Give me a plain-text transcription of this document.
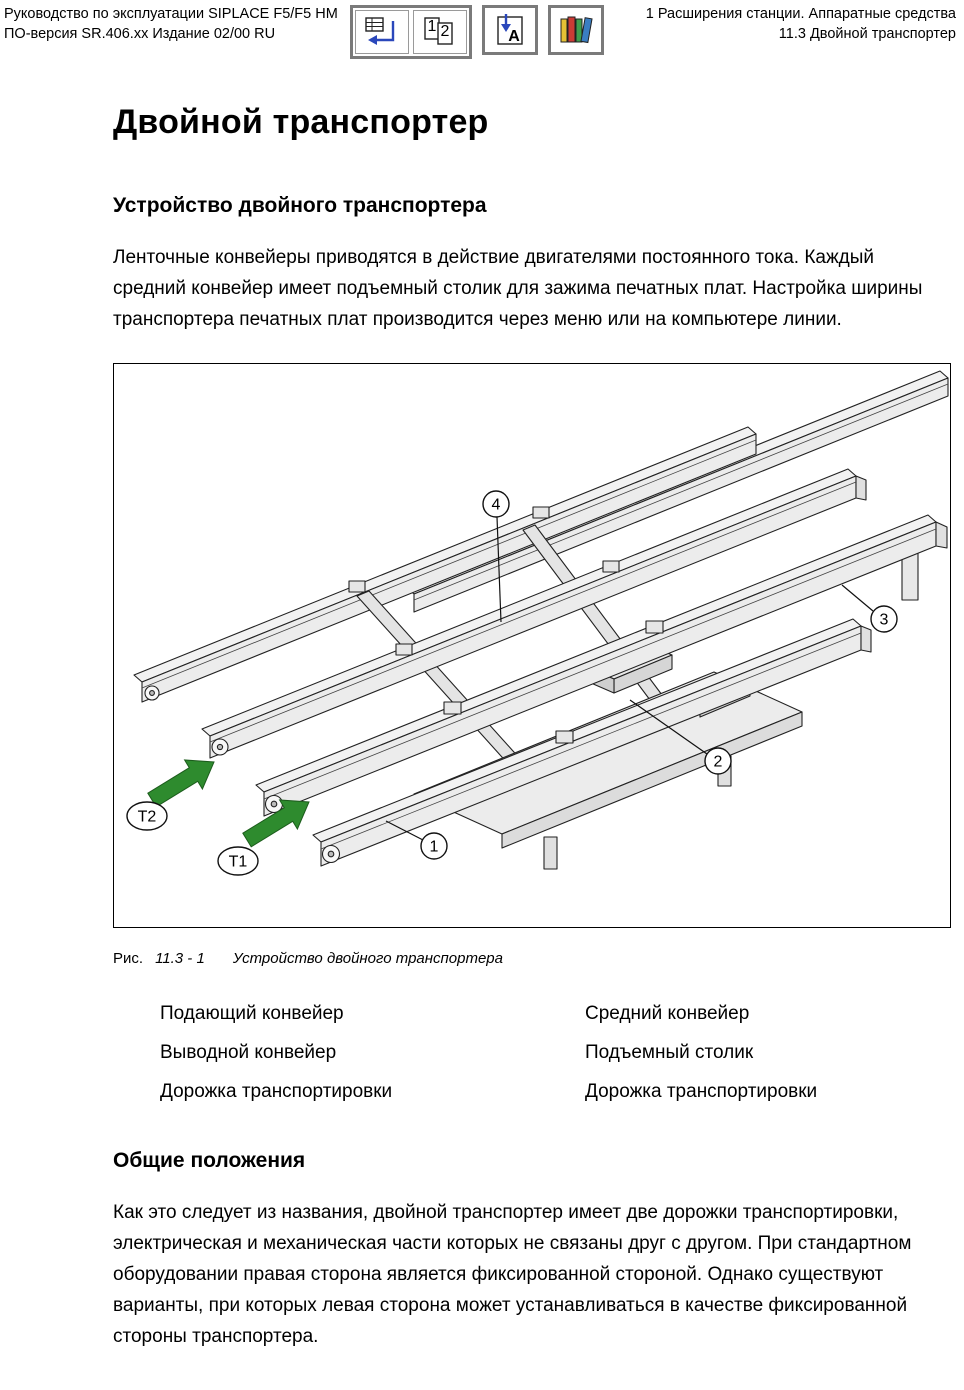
Руководство по эксплуатации SIPLACE F5/F5 HM
ПО-версия SR.406.xx Издание 02/00 RU	1 2	A
1 Расширения станции. Аппаратные средства
11.3 Двойной транспортер
Двойной транспортер
Устройство двойного транспортера

Ленточные конвейеры приводятся в действие двигателями постоянного тока. Каждый средний конвейер имеет подъемный столик для зажима печатных плат. Настройка ширины транспортера печатных плат производится через меню или на компьютере линии.

T2
T1
4
3
2
1
Рис. 11.3 - 1 Устройство двойного транспортера
Подающий конвейер	Средний конвейер
Выводной конвейер	Подъемный столик
Дорожка транспортировки	Дорожка транспортировки
Общие положения

Как это следует из названия, двойной транспортер имеет две дорожки транспортировки, электрическая и механическая части которых не связаны друг с другом. При стандартном оборудовании правая сторона является фиксированной стороной. Однако существуют варианты, при которых левая сторона может устанавливаться в качестве фиксированной стороны транспортера.
